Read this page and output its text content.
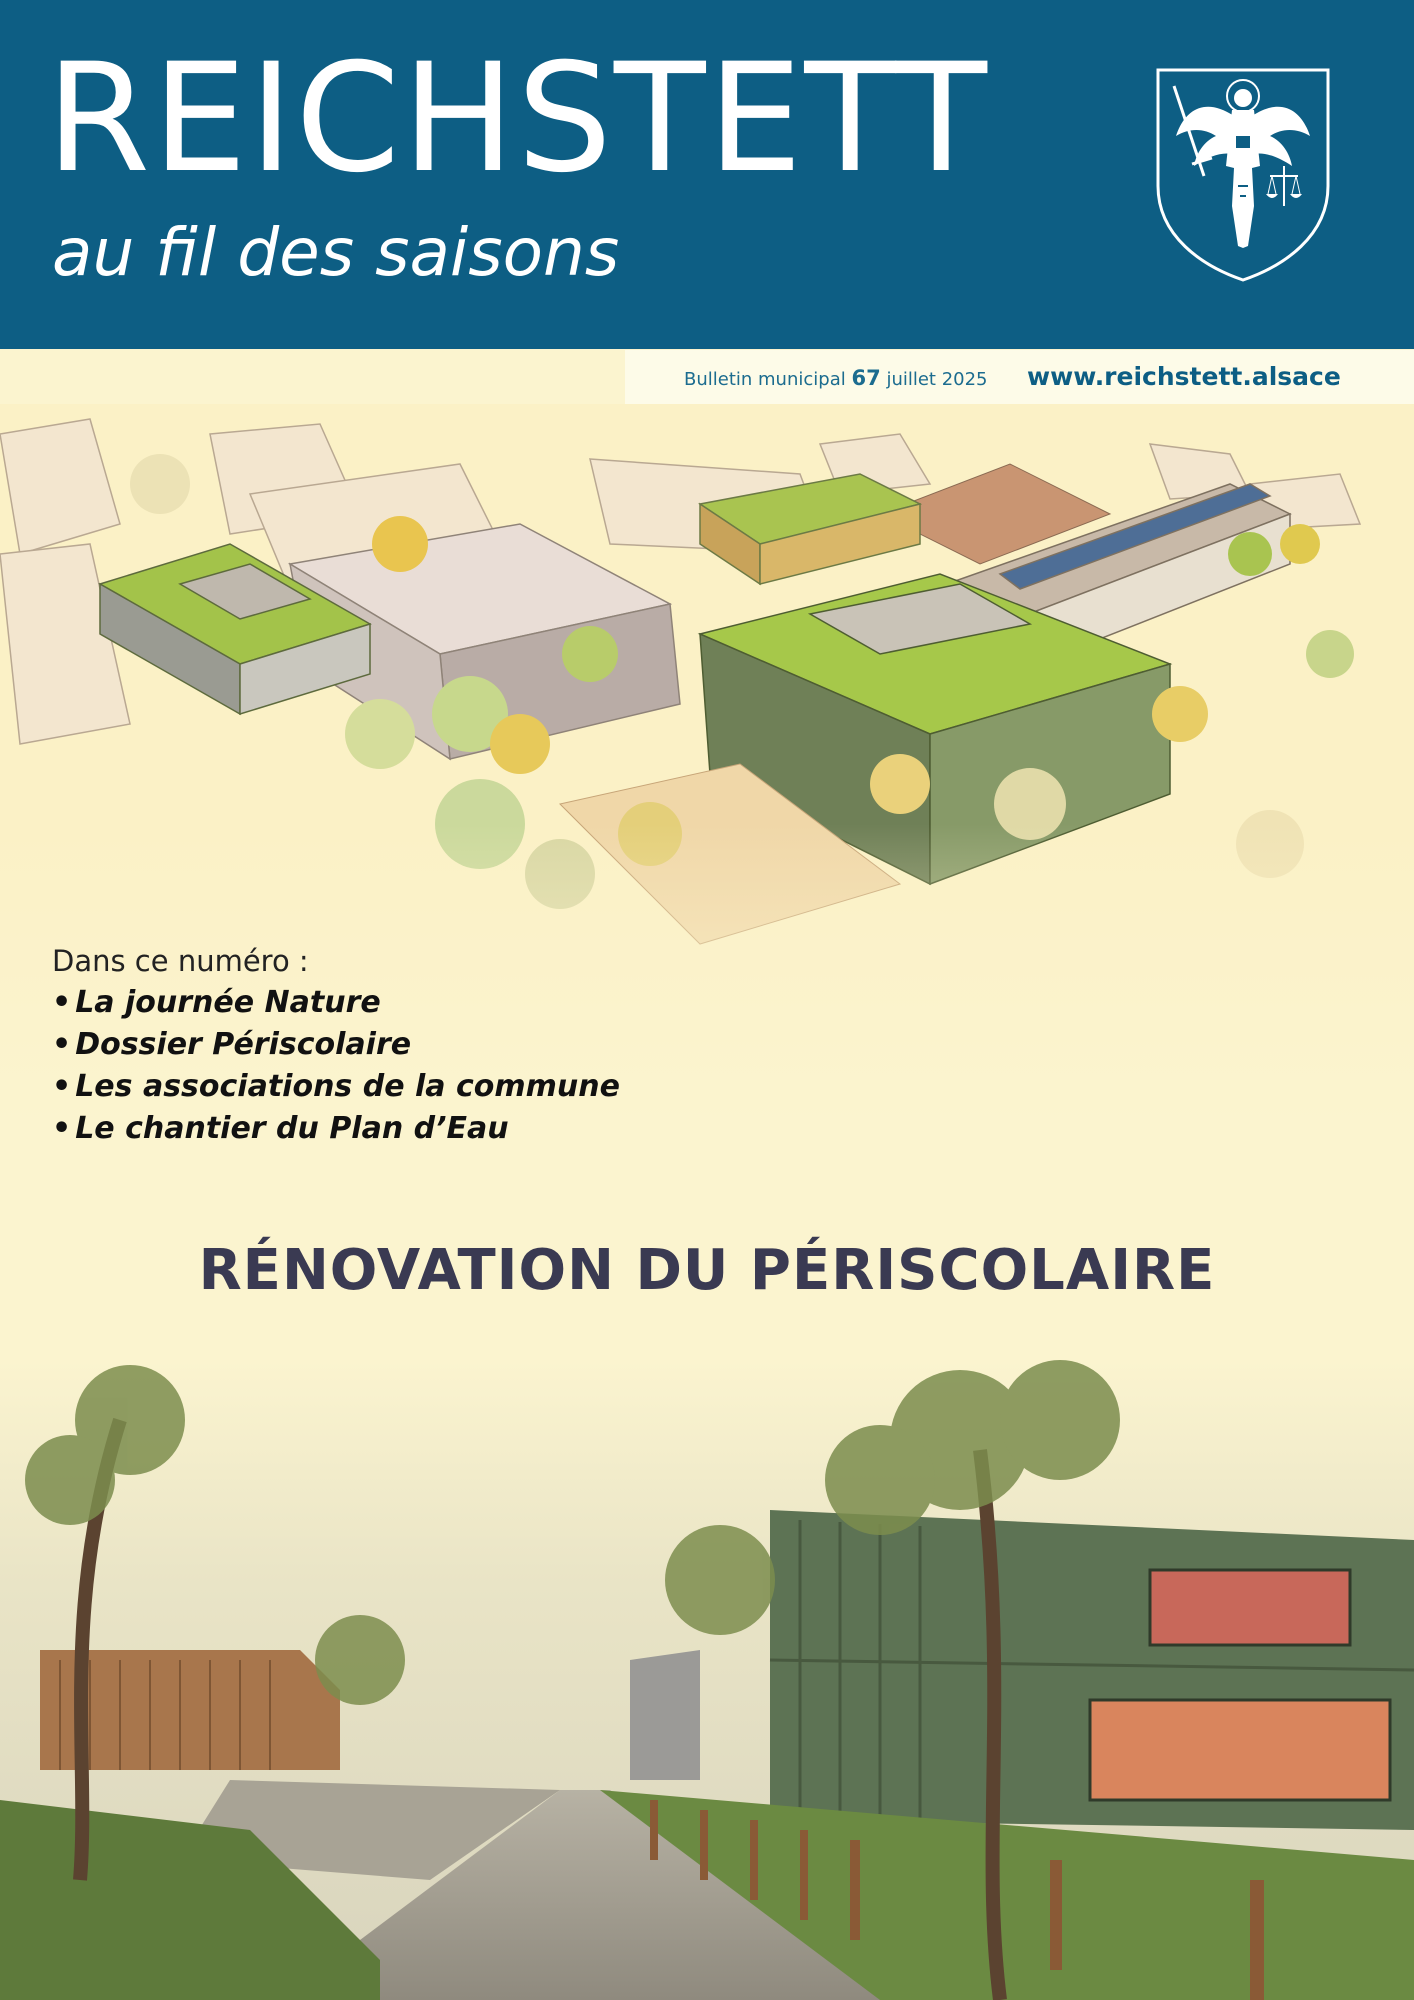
REICHSTETT
au fil des saisons
Bulletin municipal 67 juillet 2025 www.reichstett.alsace
Dans ce numéro :
• La journée Nature
• Dossier Périscolaire
• Les associations de la commune
• Le chantier du Plan d’Eau
RÉNOVATION DU PÉRISCOLAIRE
